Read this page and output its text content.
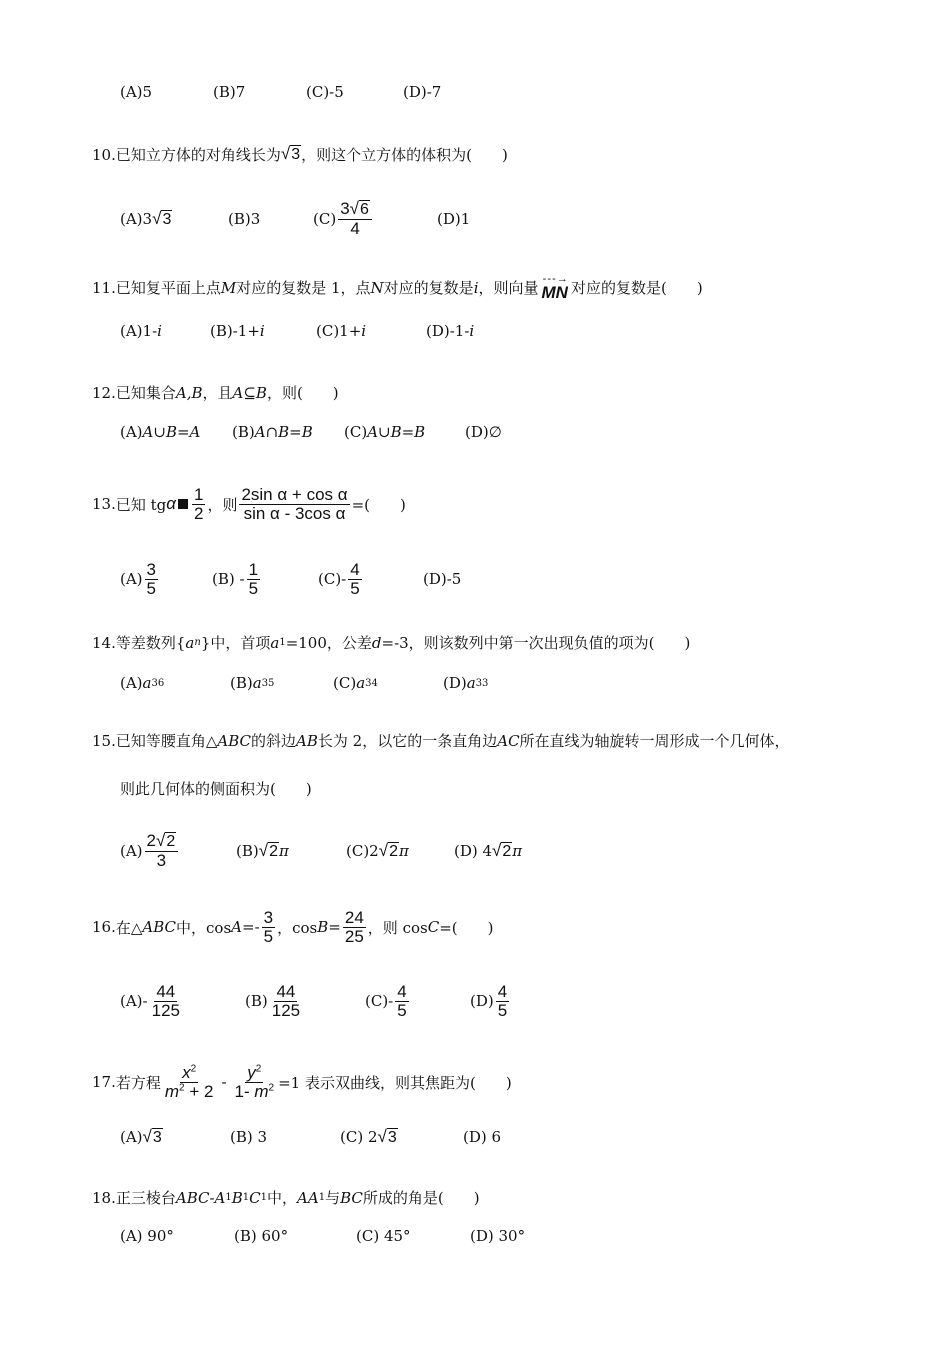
(A)5	(B)7	(C)-5	(D)-7
10. 已知立方体的对角线长为 √ 3 ，则这个立方体的体积为(　　)
(A)3 √ 3	(B)3	$(C) \frac{3 √ 6}{4}$	(D)1
11. 已知复平面上点 M 对应的复数是 1，点 N 对应的复数是 i ，则向量
- - - →
MN 对应的复数是(　　)
(A)1- i	(B)-1+ i	(C)1+ i	(D)-1- i
12. 已知集合 A,B ，且 A⊆B ，则(　　)
(A) A∪B=A (B) A∩B=B (C) A∪B=B	(D)∅
13. 已知 tg α $\frac{1}{2}$ ，则 $\frac{\text{2sin α + cos α}}{\text{sin α - 3cos α}}$ =(　　)
$(A) \frac{3}{5}$	$(B) - \frac{1}{5}$	$(C)- \frac{4}{5}$	(D)-5
14. 等差数列{ a n }中，首项 a 1 =100，公差 d =-3，则该数列中第一次出现负值的项为(　　)
(A) a 36	(B) a 35	(C) a 34	(D) a 33
15. 已知等腰直角△ ABC 的斜边 AB 长为 2，以它的一条直角边 AC 所在直线为轴旋转一周形成一个几何体，
则此几何体的侧面积为(　　)
$(A) \frac{2 √ 2}{3}$	(B) √ 2 π	(C)2 √ 2 π	(D) 4 √ 2 π
16. 在△ ABC 中，$\cos A =- \frac{3}{5}$ ，$\cos B = \frac{24}{25}$ ，则 cos C =(　　)
$(A)- \frac{44}{125}$	$(B) \frac{44}{125}$	$(C)- \frac{4}{5}$	$(D) \frac{4}{5}$
17. 若方程 $\frac{x^2}{m^2 + 2} - \frac{y^2}{1- m^2} =1$ 表示双曲线，则其焦距为(　　)
(A) √ 3	(B) 3	(C) 2 √ 3	(D) 6
18. 正三棱台 ABC-A 1 B 1 C 1 中， AA 1 与 BC 所成的角是(　　)
(A) 90°	(B) 60°	(C) 45°	(D) 30°
